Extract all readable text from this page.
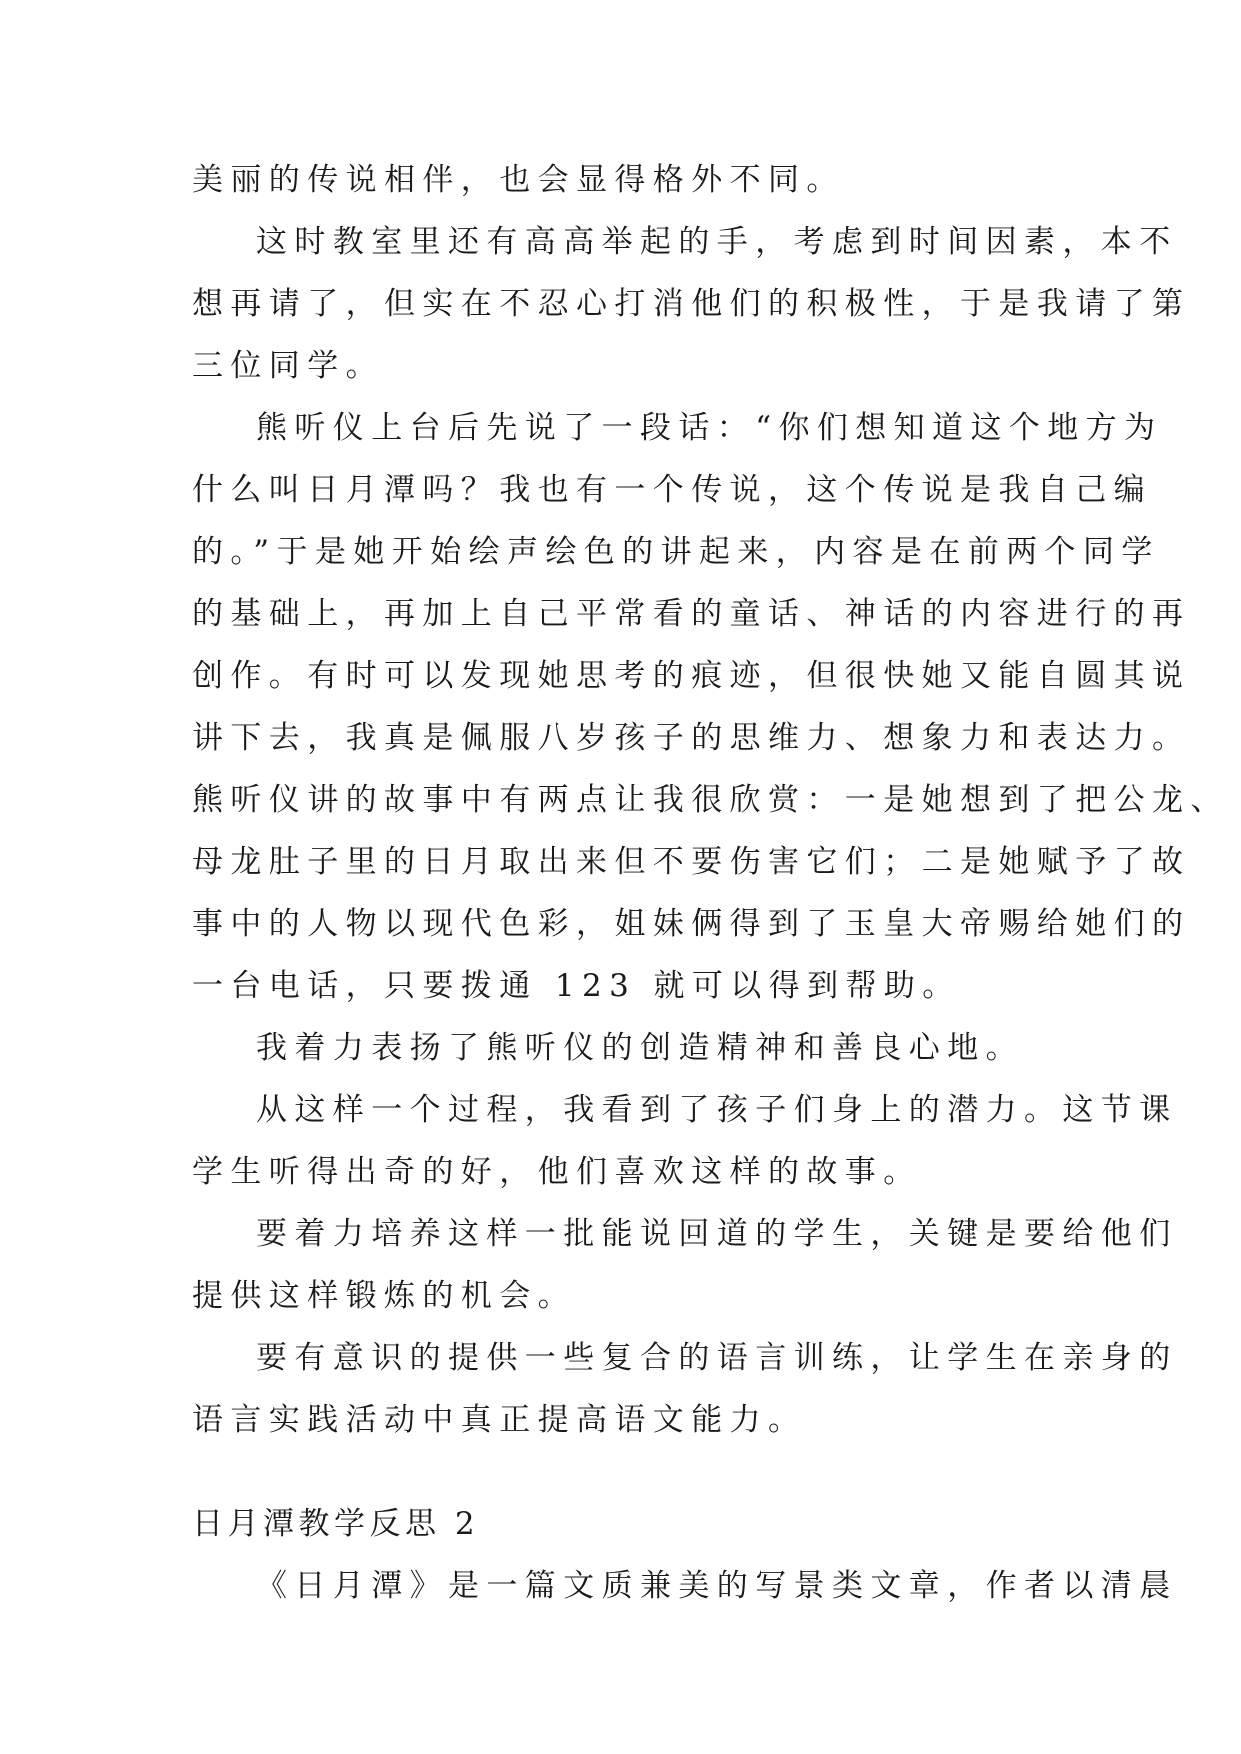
美丽的传说相伴，也会显得格外不同。
这时教室里还有高高举起的手，考虑到时间因素，本不
想再请了，但实在不忍心打消他们的积极性，于是我请了第
三位同学。
熊听仪上台后先说了一段话：“你们想知道这个地方为
什么叫日月潭吗？我也有一个传说，这个传说是我自己编
的。”于是她开始绘声绘色的讲起来，内容是在前两个同学
的基础上，再加上自己平常看的童话、神话的内容进行的再
创作。有时可以发现她思考的痕迹，但很快她又能自圆其说
讲下去，我真是佩服八岁孩子的思维力、想象力和表达力。
熊听仪讲的故事中有两点让我很欣赏：一是她想到了把公龙、
母龙肚子里的日月取出来但不要伤害它们；二是她赋予了故
事中的人物以现代色彩，姐妹俩得到了玉皇大帝赐给她们的
一台电话，只要拨通 123 就可以得到帮助。
我着力表扬了熊听仪的创造精神和善良心地。
从这样一个过程，我看到了孩子们身上的潜力。这节课
学生听得出奇的好，他们喜欢这样的故事。
要着力培养这样一批能说回道的学生，关键是要给他们
提供这样锻炼的机会。
要有意识的提供一些复合的语言训练，让学生在亲身的
语言实践活动中真正提高语文能力。
日月潭教学反思 2
《日月潭》是一篇文质兼美的写景类文章，作者以清晨
